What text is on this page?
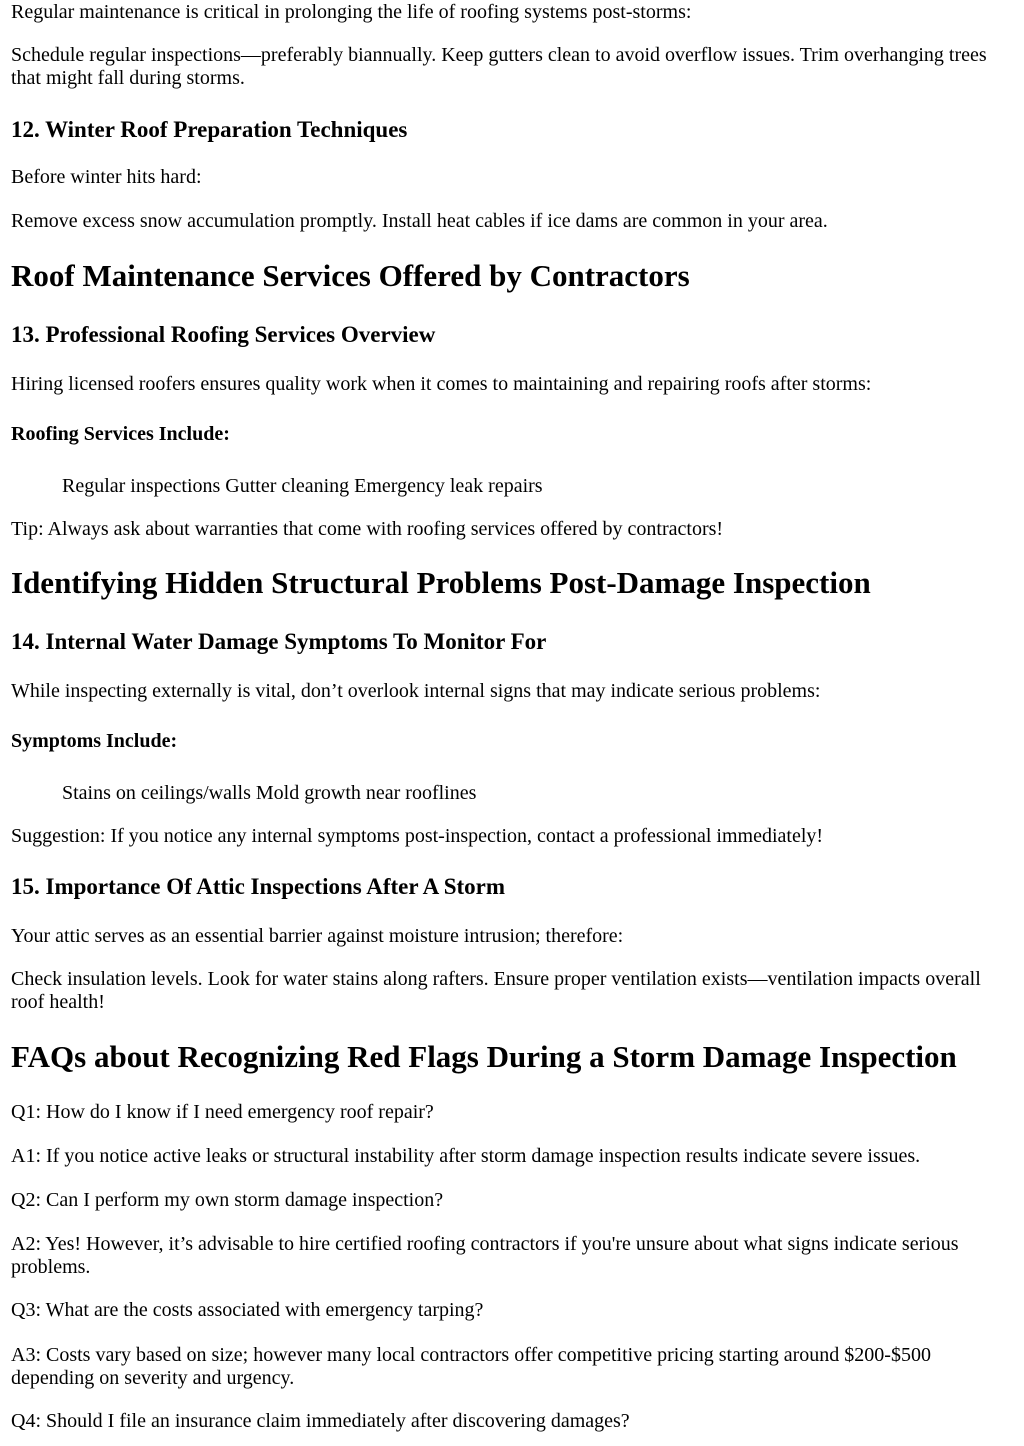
Regular maintenance is critical in prolonging the life of roofing systems post-storms:

Schedule regular inspections—preferably biannually. Keep gutters clean to avoid overflow issues. Trim overhanging trees that might fall during storms.

12. Winter Roof Preparation Techniques

Before winter hits hard:

Remove excess snow accumulation promptly. Install heat cables if ice dams are common in your area.

Roof Maintenance Services Offered by Contractors
13. Professional Roofing Services Overview

Hiring licensed roofers ensures quality work when it comes to maintaining and repairing roofs after storms:

Roofing Services Include:

Regular inspections Gutter cleaning Emergency leak repairs

Tip: Always ask about warranties that come with roofing services offered by contractors!

Identifying Hidden Structural Problems Post-Damage Inspection
14. Internal Water Damage Symptoms To Monitor For

While inspecting externally is vital, don’t overlook internal signs that may indicate serious problems:

Symptoms Include:

Stains on ceilings/walls Mold growth near rooflines

Suggestion: If you notice any internal symptoms post-inspection, contact a professional immediately!

15. Importance Of Attic Inspections After A Storm

Your attic serves as an essential barrier against moisture intrusion; therefore:

Check insulation levels. Look for water stains along rafters. Ensure proper ventilation exists—ventilation impacts overall roof health!

FAQs about Recognizing Red Flags During a Storm Damage Inspection

Q1: How do I know if I need emergency roof repair?

A1: If you notice active leaks or structural instability after storm damage inspection results indicate severe issues.

Q2: Can I perform my own storm damage inspection?

A2: Yes! However, it’s advisable to hire certified roofing contractors if you're unsure about what signs indicate serious problems.

Q3: What are the costs associated with emergency tarping?

A3: Costs vary based on size; however many local contractors offer competitive pricing starting around $200-$500 depending on severity and urgency.

Q4: Should I file an insurance claim immediately after discovering damages?
